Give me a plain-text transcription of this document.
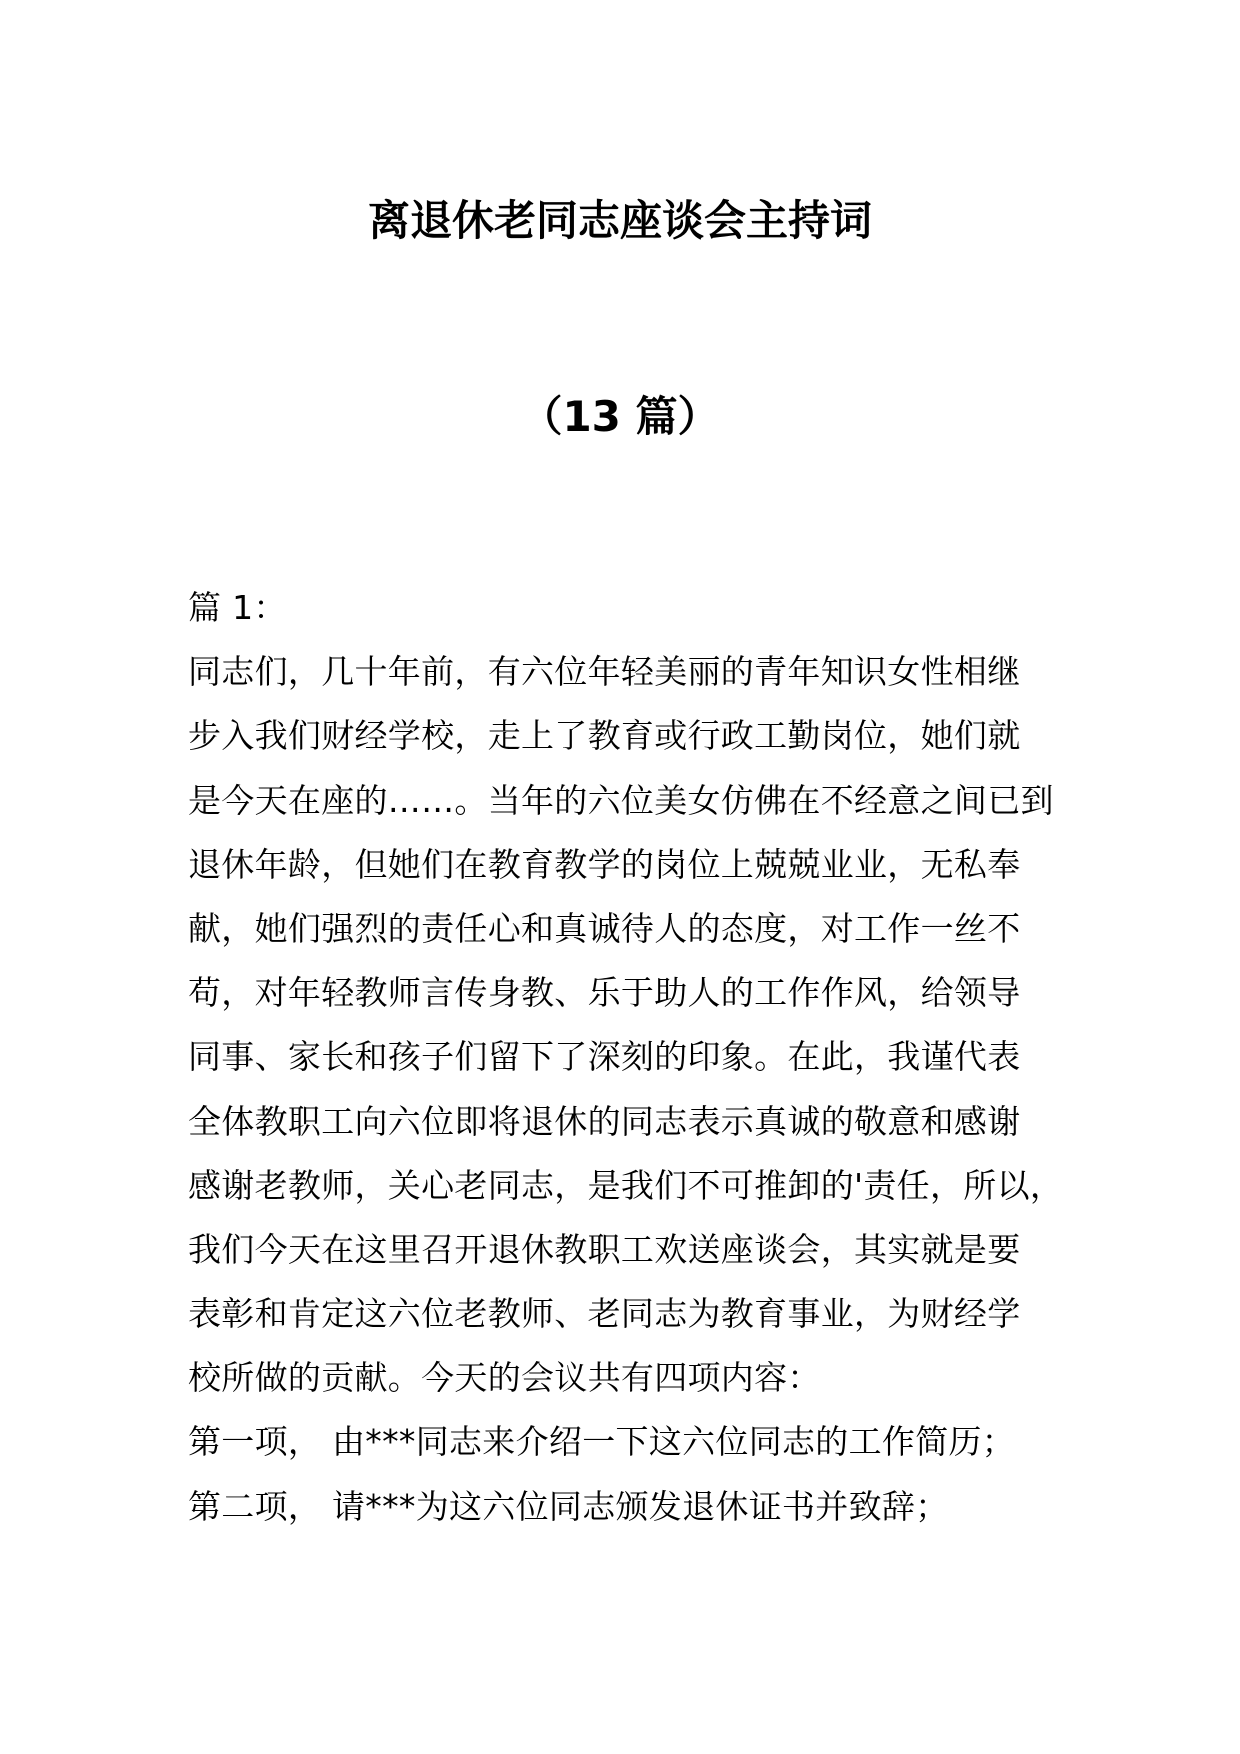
离退休老同志座谈会主持词
（13 篇）
篇 1：
同志们，几十年前，有六位年轻美丽的青年知识女性相继
步入我们财经学校，走上了教育或行政工勤岗位，她们就
是今天在座的……。当年的六位美女仿佛在不经意之间已到
退休年龄，但她们在教育教学的岗位上兢兢业业，无私奉
献，她们强烈的责任心和真诚待人的态度，对工作一丝不
苟，对年轻教师言传身教、乐于助人的工作作风，给领导
同事、家长和孩子们留下了深刻的印象。在此，我谨代表
全体教职工向六位即将退休的同志表示真诚的敬意和感谢
感谢老教师，关心老同志，是我们不可推卸的'责任，所以，
我们今天在这里召开退休教职工欢送座谈会，其实就是要
表彰和肯定这六位老教师、老同志为教育事业，为财经学
校所做的贡献。今天的会议共有四项内容：
第一项， 由***同志来介绍一下这六位同志的工作简历；
第二项， 请***为这六位同志颁发退休证书并致辞；
